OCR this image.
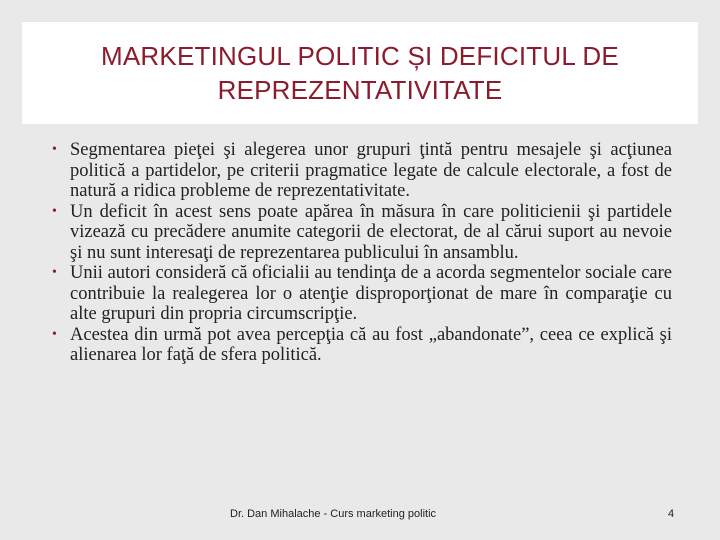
MARKETINGUL POLITIC ȘI DEFICITUL DE REPREZENTATIVITATE
• Segmentarea pieţei şi alegerea unor grupuri ţintă pentru mesajele şi acţiunea politică a partidelor, pe criterii pragmatice legate de calcule electorale, a fost de natură a ridica probleme de reprezentativitate.
• Un deficit în acest sens poate apărea în măsura în care politicienii şi partidele vizează cu precădere anumite categorii de electorat, de al cărui suport au nevoie şi nu sunt interesaţi de reprezentarea publicului în ansamblu.
• Unii autori consideră că oficialii au tendinţa de a acorda segmentelor sociale care contribuie la realegerea lor o atenţie disproporţionat de mare în comparaţie cu alte grupuri din propria circumscripţie.
• Acestea din urmă pot avea percepţia că au fost „abandonate”, ceea ce explică şi alienarea lor faţă de sfera politică.
Dr. Dan Mihalache - Curs marketing politic	4
